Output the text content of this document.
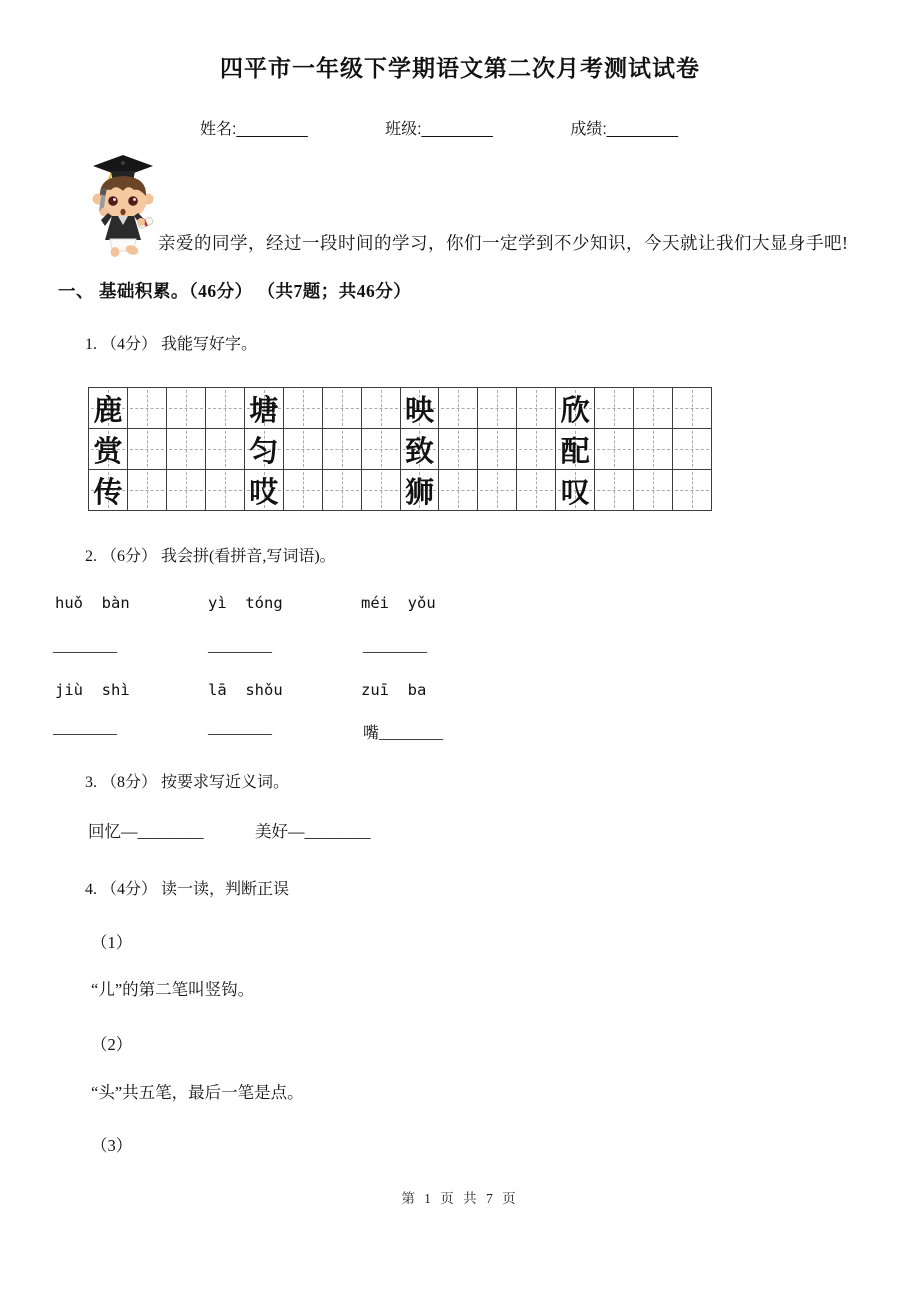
四平市一年级下学期语文第二次月考测试试卷
姓名:________	班级:________	成绩:________
亲爱的同学，经过一段时间的学习，你们一定学到不少知识，今天就让我们大显身手吧!
一、 基础积累。（46分） （共7题；共46分）
1. （4分） 我能写好字。
鹿	塘	映	欣
赏	匀	致	配
传	哎	狮	叹
2. （6分） 我会拼(看拼音,写词语)。
huǒ  bàn	yì  tóng	méi  yǒu
________	________	________
jiù  shì	lā  shǒu	zuī  ba
________	________	嘴________
3. （8分） 按要求写近义词。
回忆—________	美好—________
4. （4分） 读一读，判断正误
（1）
“儿”的第二笔叫竖钩。
（2）
“头”共五笔，最后一笔是点。
（3）
第 1 页 共 7 页
